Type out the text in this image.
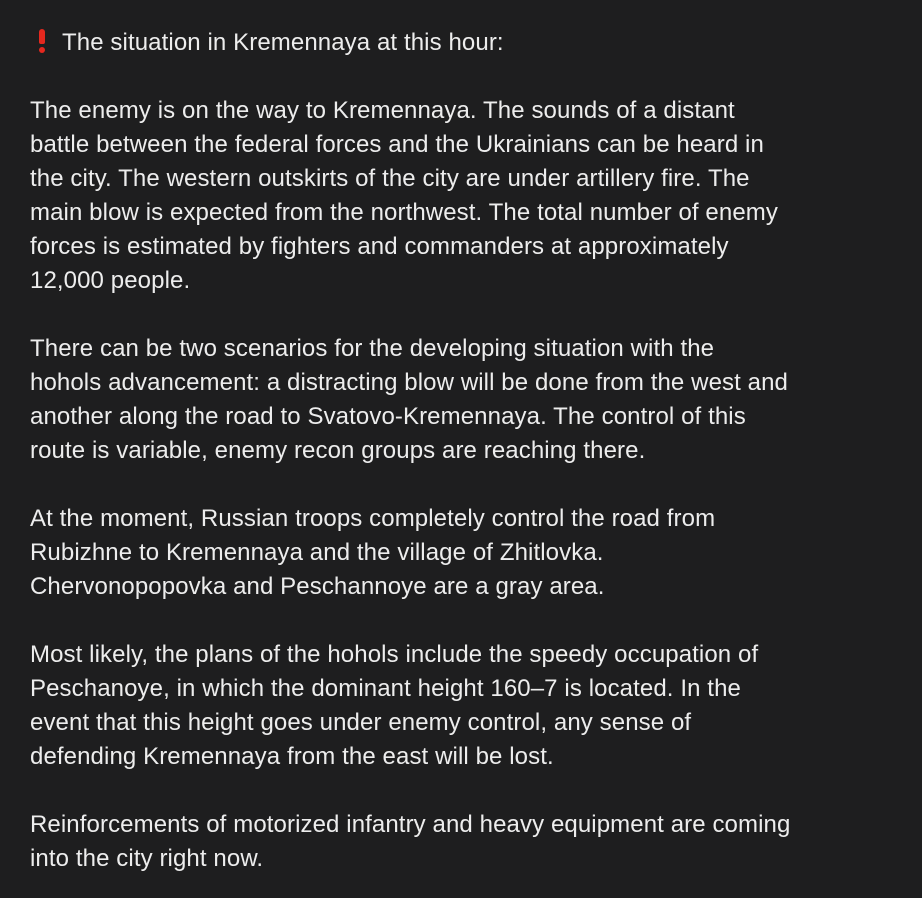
The situation in Kremennaya at this hour:
The enemy is on the way to Kremennaya. The sounds of a distant
battle between the federal forces and the Ukrainians can be heard in
the city. The western outskirts of the city are under artillery fire. The
main blow is expected from the northwest. The total number of enemy
forces is estimated by fighters and commanders at approximately
12,000 people.
There can be two scenarios for the developing situation with the
hohols advancement: a distracting blow will be done from the west and
another along the road to Svatovo-Kremennaya. The control of this
route is variable, enemy recon groups are reaching there.
At the moment, Russian troops completely control the road from
Rubizhne to Kremennaya and the village of Zhitlovka.
Chervonopopovka and Peschannoye are a gray area.
Most likely, the plans of the hohols include the speedy occupation of
Peschanoye, in which the dominant height 160–7 is located. In the
event that this height goes under enemy control, any sense of
defending Kremennaya from the east will be lost.
Reinforcements of motorized infantry and heavy equipment are coming
into the city right now.
